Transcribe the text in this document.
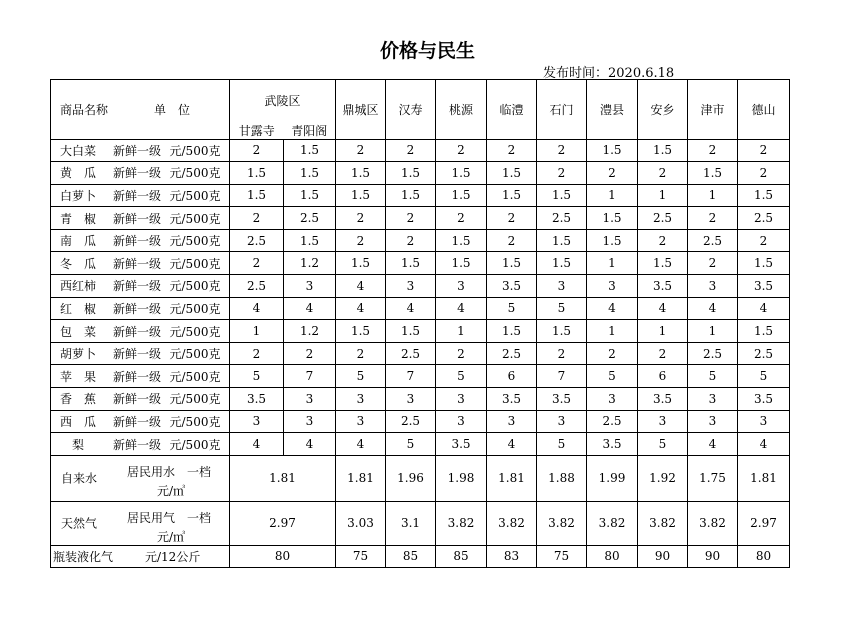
价格与民生
发布时间：2020.6.18
商品名称 单　位	武陵区		鼎城区	汉寿	桃源	临澧	石门	澧县	安乡	津市	德山
	甘露寺	青阳阁									
大白菜 新鲜一级 元/500克	2	1.5	2	2	2	2	2	1.5	1.5	2	2
黄　瓜 新鲜一级 元/500克	1.5	1.5	1.5	1.5	1.5	1.5	2	2	2	1.5	2
白萝卜 新鲜一级 元/500克	1.5	1.5	1.5	1.5	1.5	1.5	1.5	1	1	1	1.5
青　椒 新鲜一级 元/500克	2	2.5	2	2	2	2	2.5	1.5	2.5	2	2.5
南　瓜 新鲜一级 元/500克	2.5	1.5	2	2	1.5	2	1.5	1.5	2	2.5	2
冬　瓜 新鲜一级 元/500克	2	1.2	1.5	1.5	1.5	1.5	1.5	1	1.5	2	1.5
西红柿 新鲜一级 元/500克	2.5	3	4	3	3	3.5	3	3	3.5	3	3.5
红　椒 新鲜一级 元/500克	4	4	4	4	4	5	5	4	4	4	4
包　菜 新鲜一级 元/500克	1	1.2	1.5	1.5	1	1.5	1.5	1	1	1	1.5
胡萝卜 新鲜一级 元/500克	2	2	2	2.5	2	2.5	2	2	2	2.5	2.5
苹　果 新鲜一级 元/500克	5	7	5	7	5	6	7	5	6	5	5
香　蕉 新鲜一级 元/500克	3.5	3	3	3	3	3.5	3.5	3	3.5	3	3.5
西　瓜 新鲜一级 元/500克	3	3	3	2.5	3	3	3	2.5	3	3	3
梨 新鲜一级 元/500克	4	4	4	5	3.5	4	5	3.5	5	4	4

自来水 居民用水　一档
元/㎥	1.81		1.81	1.96	1.98	1.81	1.88	1.99	1.92	1.75	1.81

天然气 居民用气　一档
元/㎥	2.97		3.03	3.1	3.82	3.82	3.82	3.82	3.82	3.82	2.97
瓶装液化气 元/12公斤	80		75	85	85	83	75	80	90	90	80
